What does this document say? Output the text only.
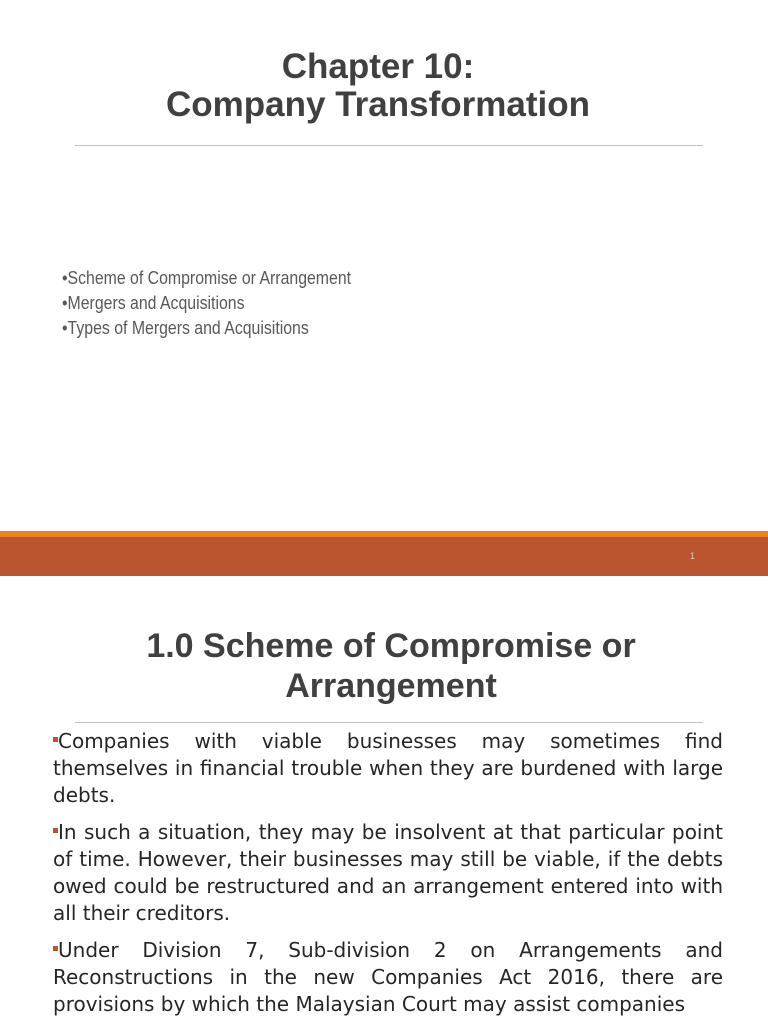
Chapter 10:
Company Transformation
•Scheme of Compromise or Arrangement
•Mergers and Acquisitions
•Types of Mergers and Acquisitions
1
1.0 Scheme of Compromise or
Arrangement

Companies with viable businesses may sometimes find themselves in financial trouble when they are burdened with large debts.

In such a situation, they may be insolvent at that particular point of time. However, their businesses may still be viable, if the debts owed could be restructured and an arrangement entered into with all their creditors.

Under Division 7, Sub-division 2 on Arrangements and Reconstructions in the new Companies Act 2016, there are provisions by which the Malaysian Court may assist companies
